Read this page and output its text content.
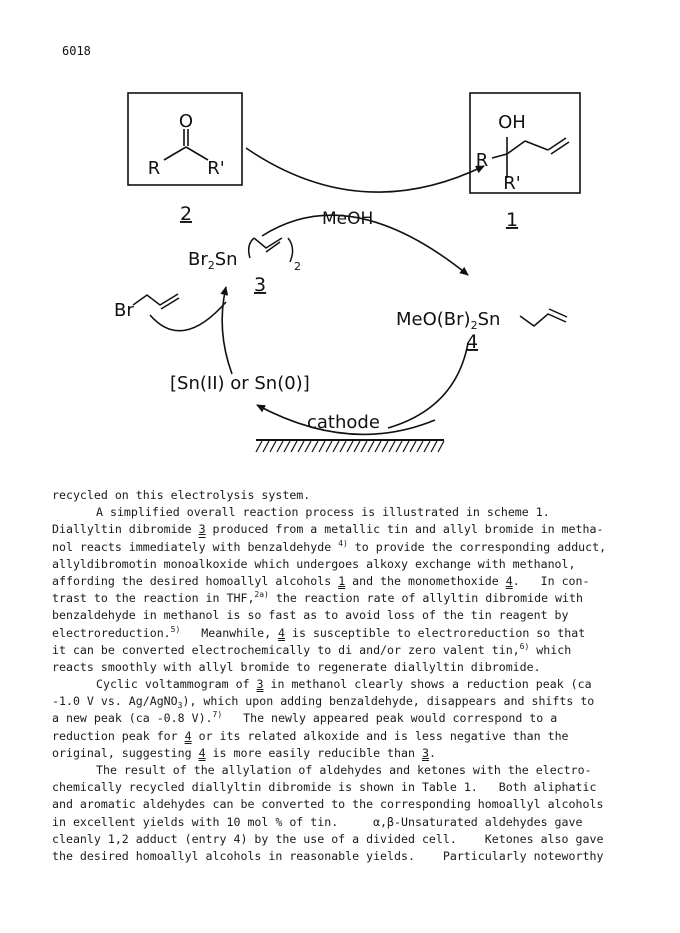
6018
O
R	R'
2
OH
R
R'
1
MeOH
$Br_2Sn$	2
3
Br	$MeO(Br)_2Sn$
4
[Sn(II) or Sn(0)]
cathode
recycled on this electrolysis system.
A simplified overall reaction process is illustrated in scheme 1.
Diallyltin dibromide 3 produced from a metallic tin and allyl bromide in metha-
nol reacts immediately with benzaldehyde $^{4)}$ to provide the corresponding adduct,
allyldibromotin monoalkoxide which undergoes alkoxy exchange with methanol,
affording the desired homoallyl alcohols 1 and the monomethoxide 4.   In con-
trast to the reaction in THF,$^{2a)}$ the reaction rate of allyltin dibromide with
benzaldehyde in methanol is so fast as to avoid loss of the tin reagent by
electroreduction.$^{5)}$   Meanwhile, 4 is susceptible to electroreduction so that
it can be converted electrochemically to di and/or zero valent tin,$^{6)}$ which
reacts smoothly with allyl bromide to regenerate diallyltin dibromide.
Cyclic voltammogram of 3 in methanol clearly shows a reduction peak (ca
-1.0 V vs. Ag/AgNO$_3$), which upon adding benzaldehyde, disappears and shifts to
a new peak (ca -0.8 V).$^{7)}$   The newly appeared peak would correspond to a
reduction peak for 4 or its related alkoxide and is less negative than the
original, suggesting 4 is more easily reducible than 3.
The result of the allylation of aldehydes and ketones with the electro-
chemically recycled diallyltin dibromide is shown in Table 1.   Both aliphatic
and aromatic aldehydes can be converted to the corresponding homoallyl alcohols
in excellent yields with 10 mol % of tin.     α,β-Unsaturated aldehydes gave
cleanly 1,2 adduct (entry 4) by the use of a divided cell.    Ketones also gave
the desired homoallyl alcohols in reasonable yields.    Particularly noteworthy
